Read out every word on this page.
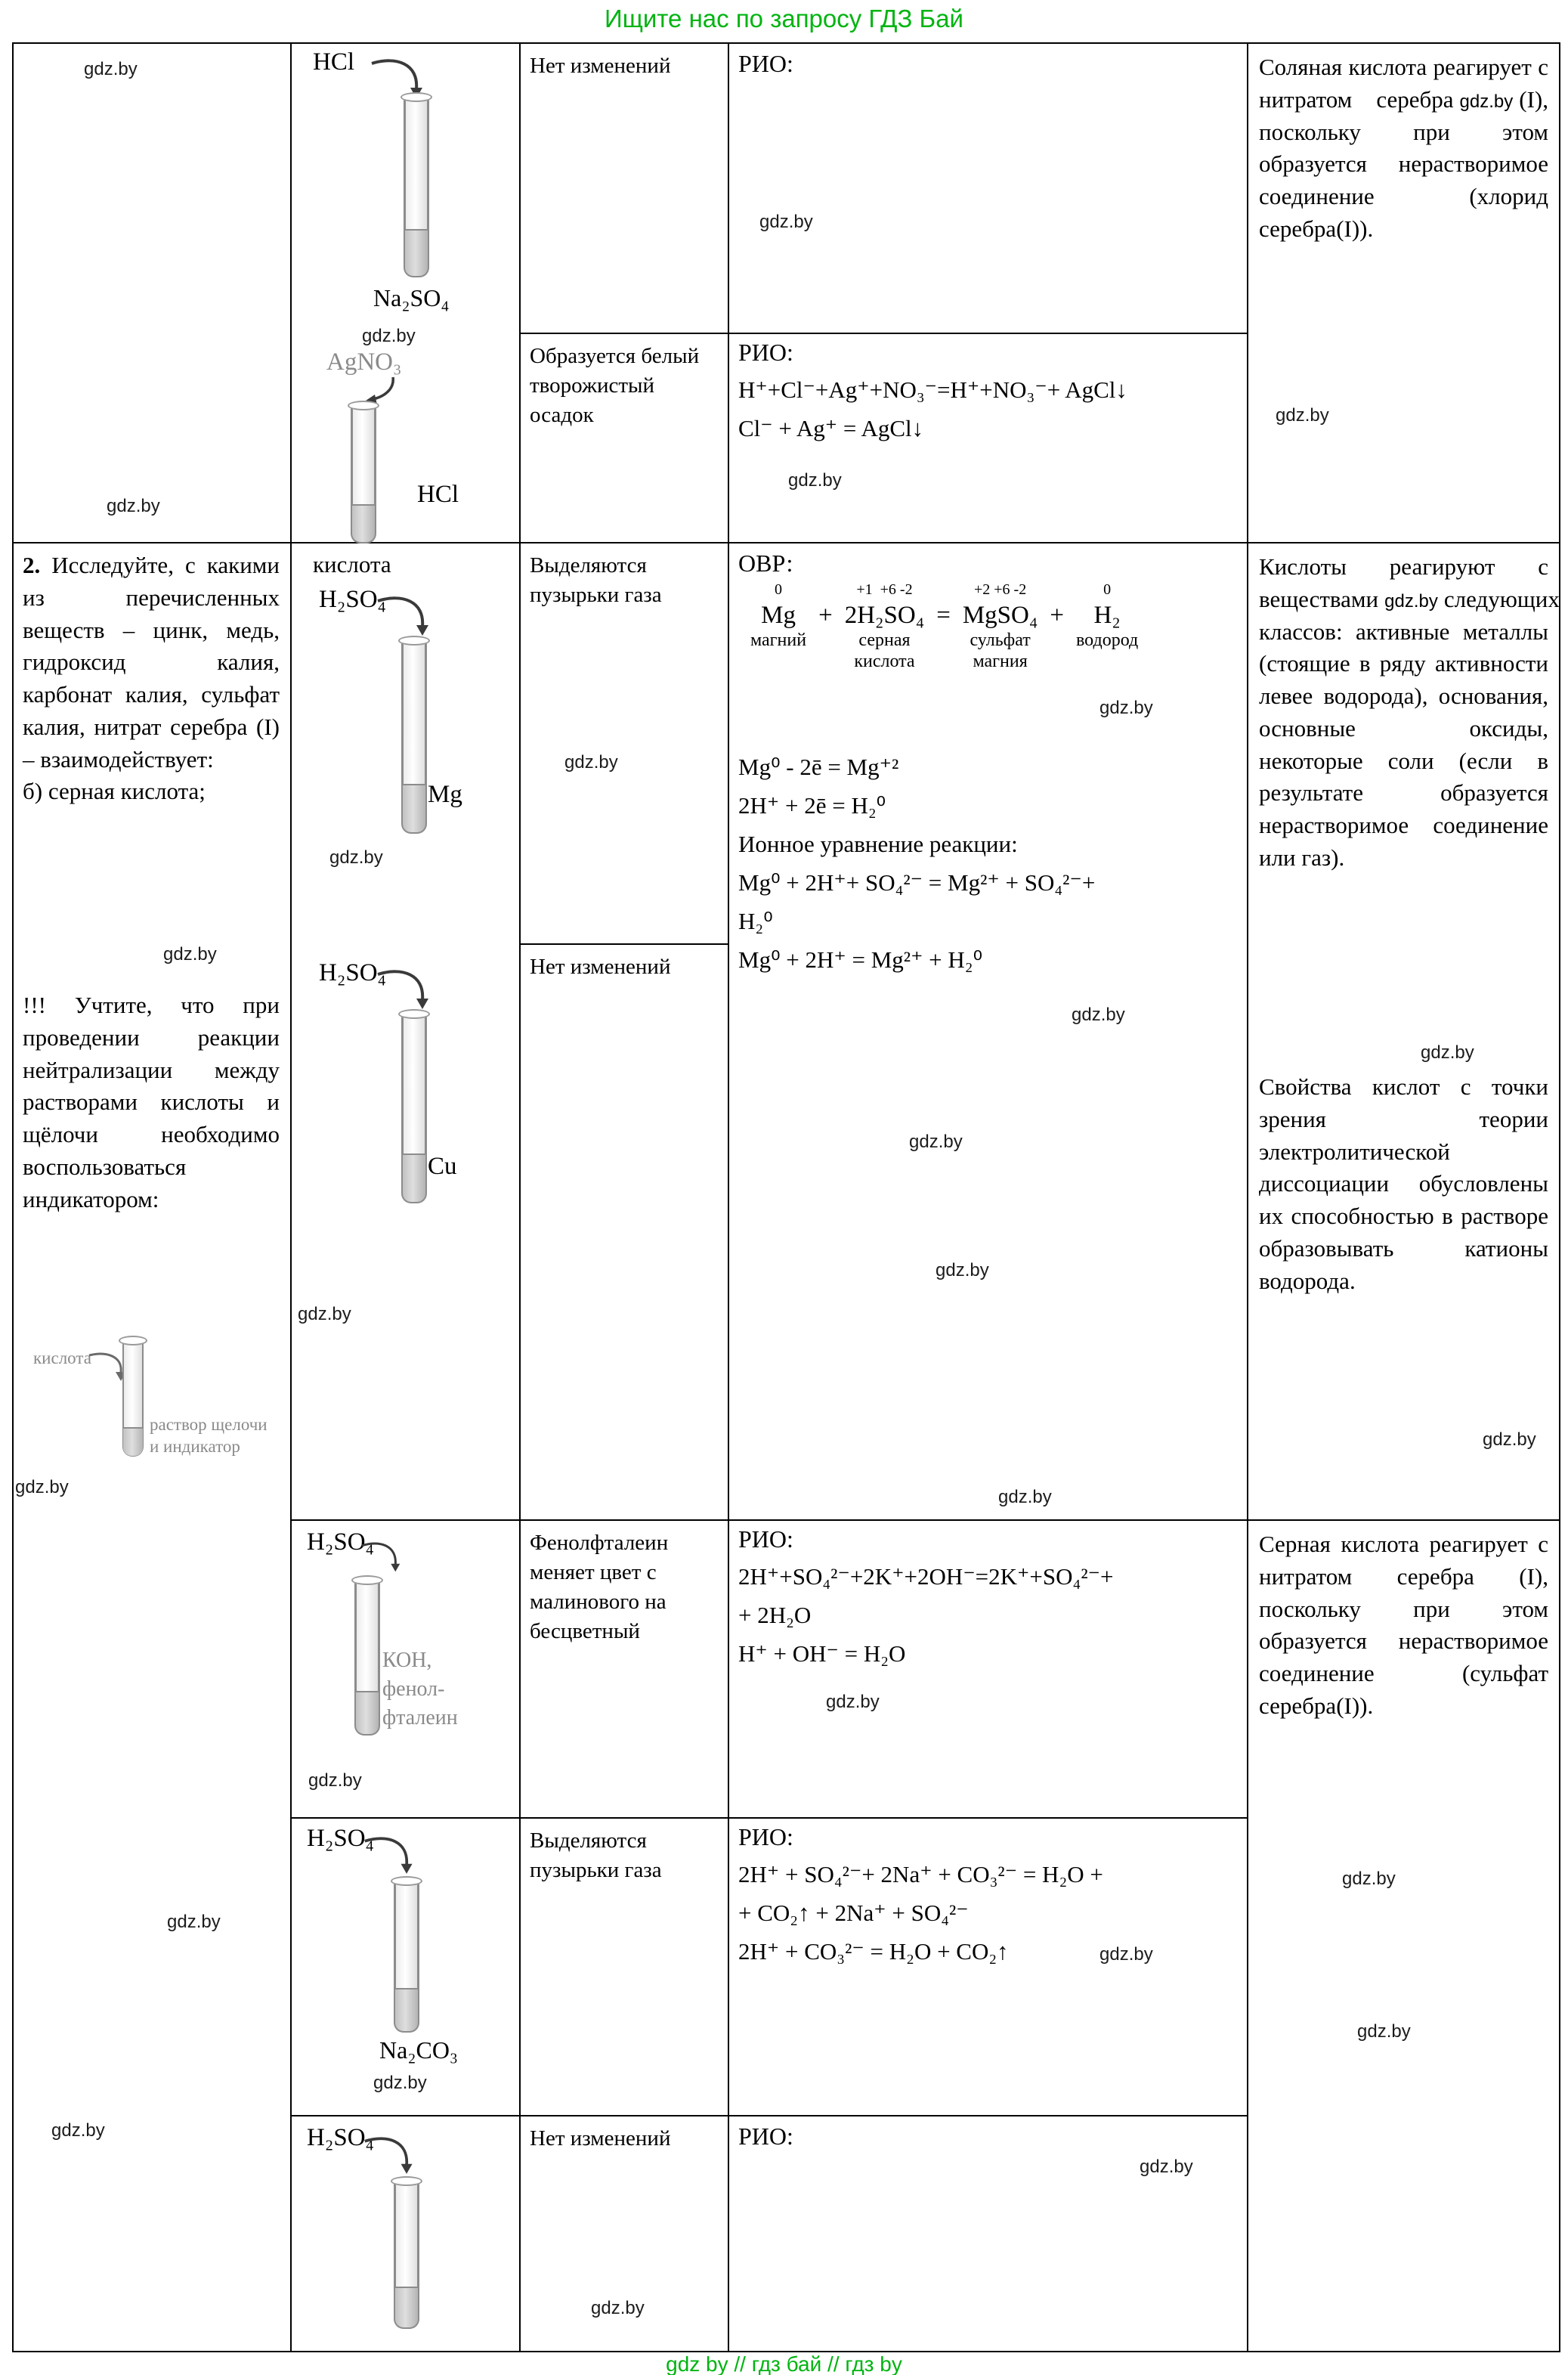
Ищите нас по запросу ГДЗ Бай
gdz.by
gdz.by
HCl
Na₂SO₄
gdz.by
AgNO₃
HCl
Нет изменений
Образуется белый творожистый осадок
РИО:
gdz.by
РИО:
H⁺+Cl⁻+Ag⁺+NO₃⁻=H⁺+NO₃⁻+ AgCl↓
Cl⁻ + Ag⁺ = AgCl↓
gdz.by
Соляная кислота реагирует с нитратом серебра gdz.by (I), поскольку при этом образуется нерастворимое соединение (хлорид серебра(I)).
gdz.by
2. Исследуйте, с какими из перечисленных веществ – цинк, медь, гидроксид калия, карбонат калия, сульфат калия, нитрат серебра (I) – взаимодействует:
б) серная кислота;
gdz.by
!!! Учтите, что при проведении реакции нейтрализации между растворами кислоты и щёлочи необходимо воспользоваться индикатором:
кислота
раствор щелочи
и индикатор
gdz.by
gdz.by
gdz.by
кислота
H₂SO₄
Mg
gdz.by
H₂SO₄
Cu
gdz.by
H₂SO₄
КОН,
фенол-
фталеин
gdz.by
H₂SO₄
Na₂CO₃
gdz.by
H₂SO₄
Выделяются пузырьки газа
gdz.by
Нет изменений
Фенолфталеин меняет цвет с малинового на бесцветный
Выделяются пузырьки газа
Нет изменений
gdz.by
ОВР:
0
Mg
магний
+
+1  +6 -2
2H₂SO₄
серная
кислота
=
+2 +6 -2
MgSO₄
сульфат
магния
+
0
H₂
водород
gdz.by
Mg⁰ - 2ē = Mg⁺²
2H⁺ + 2ē = H₂⁰
Ионное уравнение реакции:
Mg⁰ + 2H⁺+ SO₄²⁻ = Mg²⁺ + SO₄²⁻+
H₂⁰
Mg⁰ + 2H⁺ = Mg²⁺ + H₂⁰
gdz.by
gdz.by
gdz.by
gdz.by
РИО:
2H⁺+SO₄²⁻+2K⁺+2OH⁻=2K⁺+SO₄²⁻+
+ 2H₂O
H⁺ + OH⁻ = H₂O
gdz.by
РИО:
2H⁺ + SO₄²⁻+ 2Na⁺ + CO₃²⁻ = H₂O +
+ CO₂↑ + 2Na⁺ + SO₄²⁻
2H⁺ + CO₃²⁻ = H₂O + CO₂↑	gdz.by
РИО:
gdz.by
Кислоты реагируют с веществами gdz.by следующих классов: активные металлы (стоящие в ряду активности левее водорода), основания, основные оксиды, некоторые соли (если в результате образуется нерастворимое соединение или газ).
gdz.by
Свойства кислот с точки зрения теории электролитической диссоциации обусловлены их способностью в растворе образовывать катионы водорода.
gdz.by
Серная кислота реагирует с нитратом серебра (I), поскольку при этом образуется нерастворимое соединение (сульфат серебра(I)).
gdz.by
gdz.by
gdz by // гдз бай // гдз by
